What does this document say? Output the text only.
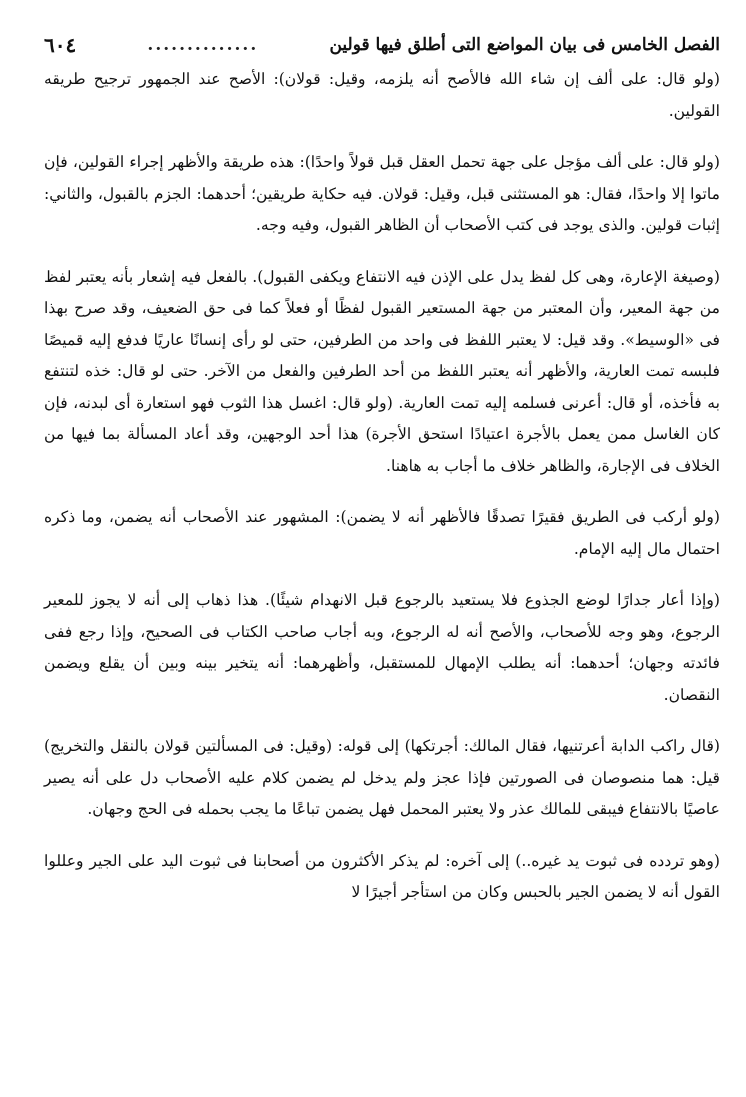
الفصل الخامس فى بيان المواضع التى أطلق فيها قولين
..............
٦٠٤

(ولو قال: على ألف إن شاء الله فالأصح أنه يلزمه، وقيل: قولان): الأصح عند الجمهور ترجيح طريقه القولين.

(ولو قال: على ألف مؤجل على جهة تحمل العقل قبل قولاً واحدًا): هذه طريقة والأظهر إجراء القولين، فإن ماتوا إلا واحدًا، فقال: هو المستثنى قبل، وقيل: قولان. فيه حكاية طريقين؛ أحدهما: الجزم بالقبول، والثاني: إثبات قولين. والذى يوجد فى كتب الأصحاب أن الظاهر القبول، وفيه وجه.

(وصيغة الإعارة، وهى كل لفظ يدل على الإذن فيه الانتفاع ويكفى القبول). بالفعل فيه إشعار بأنه يعتبر لفظ من جهة المعير، وأن المعتبر من جهة المستعير القبول لفظًا أو فعلاً كما فى حق الضعيف، وقد صرح بهذا فى «الوسيط». وقد قيل: لا يعتبر اللفظ فى واحد من الطرفين، حتى لو رأى إنسانًا عاريًا فدفع إليه قميصًا فلبسه تمت العارية، والأظهر أنه يعتبر اللفظ من أحد الطرفين والفعل من الآخر. حتى لو قال: خذه لتنتفع به فأخذه، أو قال: أعرنى فسلمه إليه تمت العارية. (ولو قال: اغسل هذا الثوب فهو استعارة أى لبدنه، فإن كان الغاسل ممن يعمل بالأجرة اعتيادًا استحق الأجرة) هذا أحد الوجهين، وقد أعاد المسألة بما فيها من الخلاف فى الإجارة، والظاهر خلاف ما أجاب به هاهنا.

(ولو أركب فى الطريق فقيرًا تصدقًا فالأظهر أنه لا يضمن): المشهور عند الأصحاب أنه يضمن، وما ذكره احتمال مال إليه الإمام.

(وإذا أعار جدارًا لوضع الجذوع فلا يستعيد بالرجوع قبل الانهدام شيئًا). هذا ذهاب إلى أنه لا يجوز للمعير الرجوع، وهو وجه للأصحاب، والأصح أنه له الرجوع، وبه أجاب صاحب الكتاب فى الصحيح، وإذا رجع ففى فائدته وجهان؛ أحدهما: أنه يطلب الإمهال للمستقبل، وأظهرهما: أنه يتخير بينه وبين أن يقلع ويضمن النقصان.

(قال راكب الدابة أعرتنيها، فقال المالك: أجرتكها) إلى قوله: (وقيل: فى المسألتين قولان بالنقل والتخريج) قيل: هما منصوصان فى الصورتين فإذا عجز ولم يدخل لم يضمن كلام عليه الأصحاب دل على أنه يصير عاصيًا بالانتفاع فيبقى للمالك عذر ولا يعتبر المحمل فهل يضمن تباعًا ما يجب بحمله فى الحج وجهان.

(وهو تردده فى ثبوت يد غيره..) إلى آخره: لم يذكر الأكثرون من أصحابنا فى ثبوت اليد على الجير وعللوا القول أنه لا يضمن الجير بالحبس وكان من استأجر أجيرًا لا
